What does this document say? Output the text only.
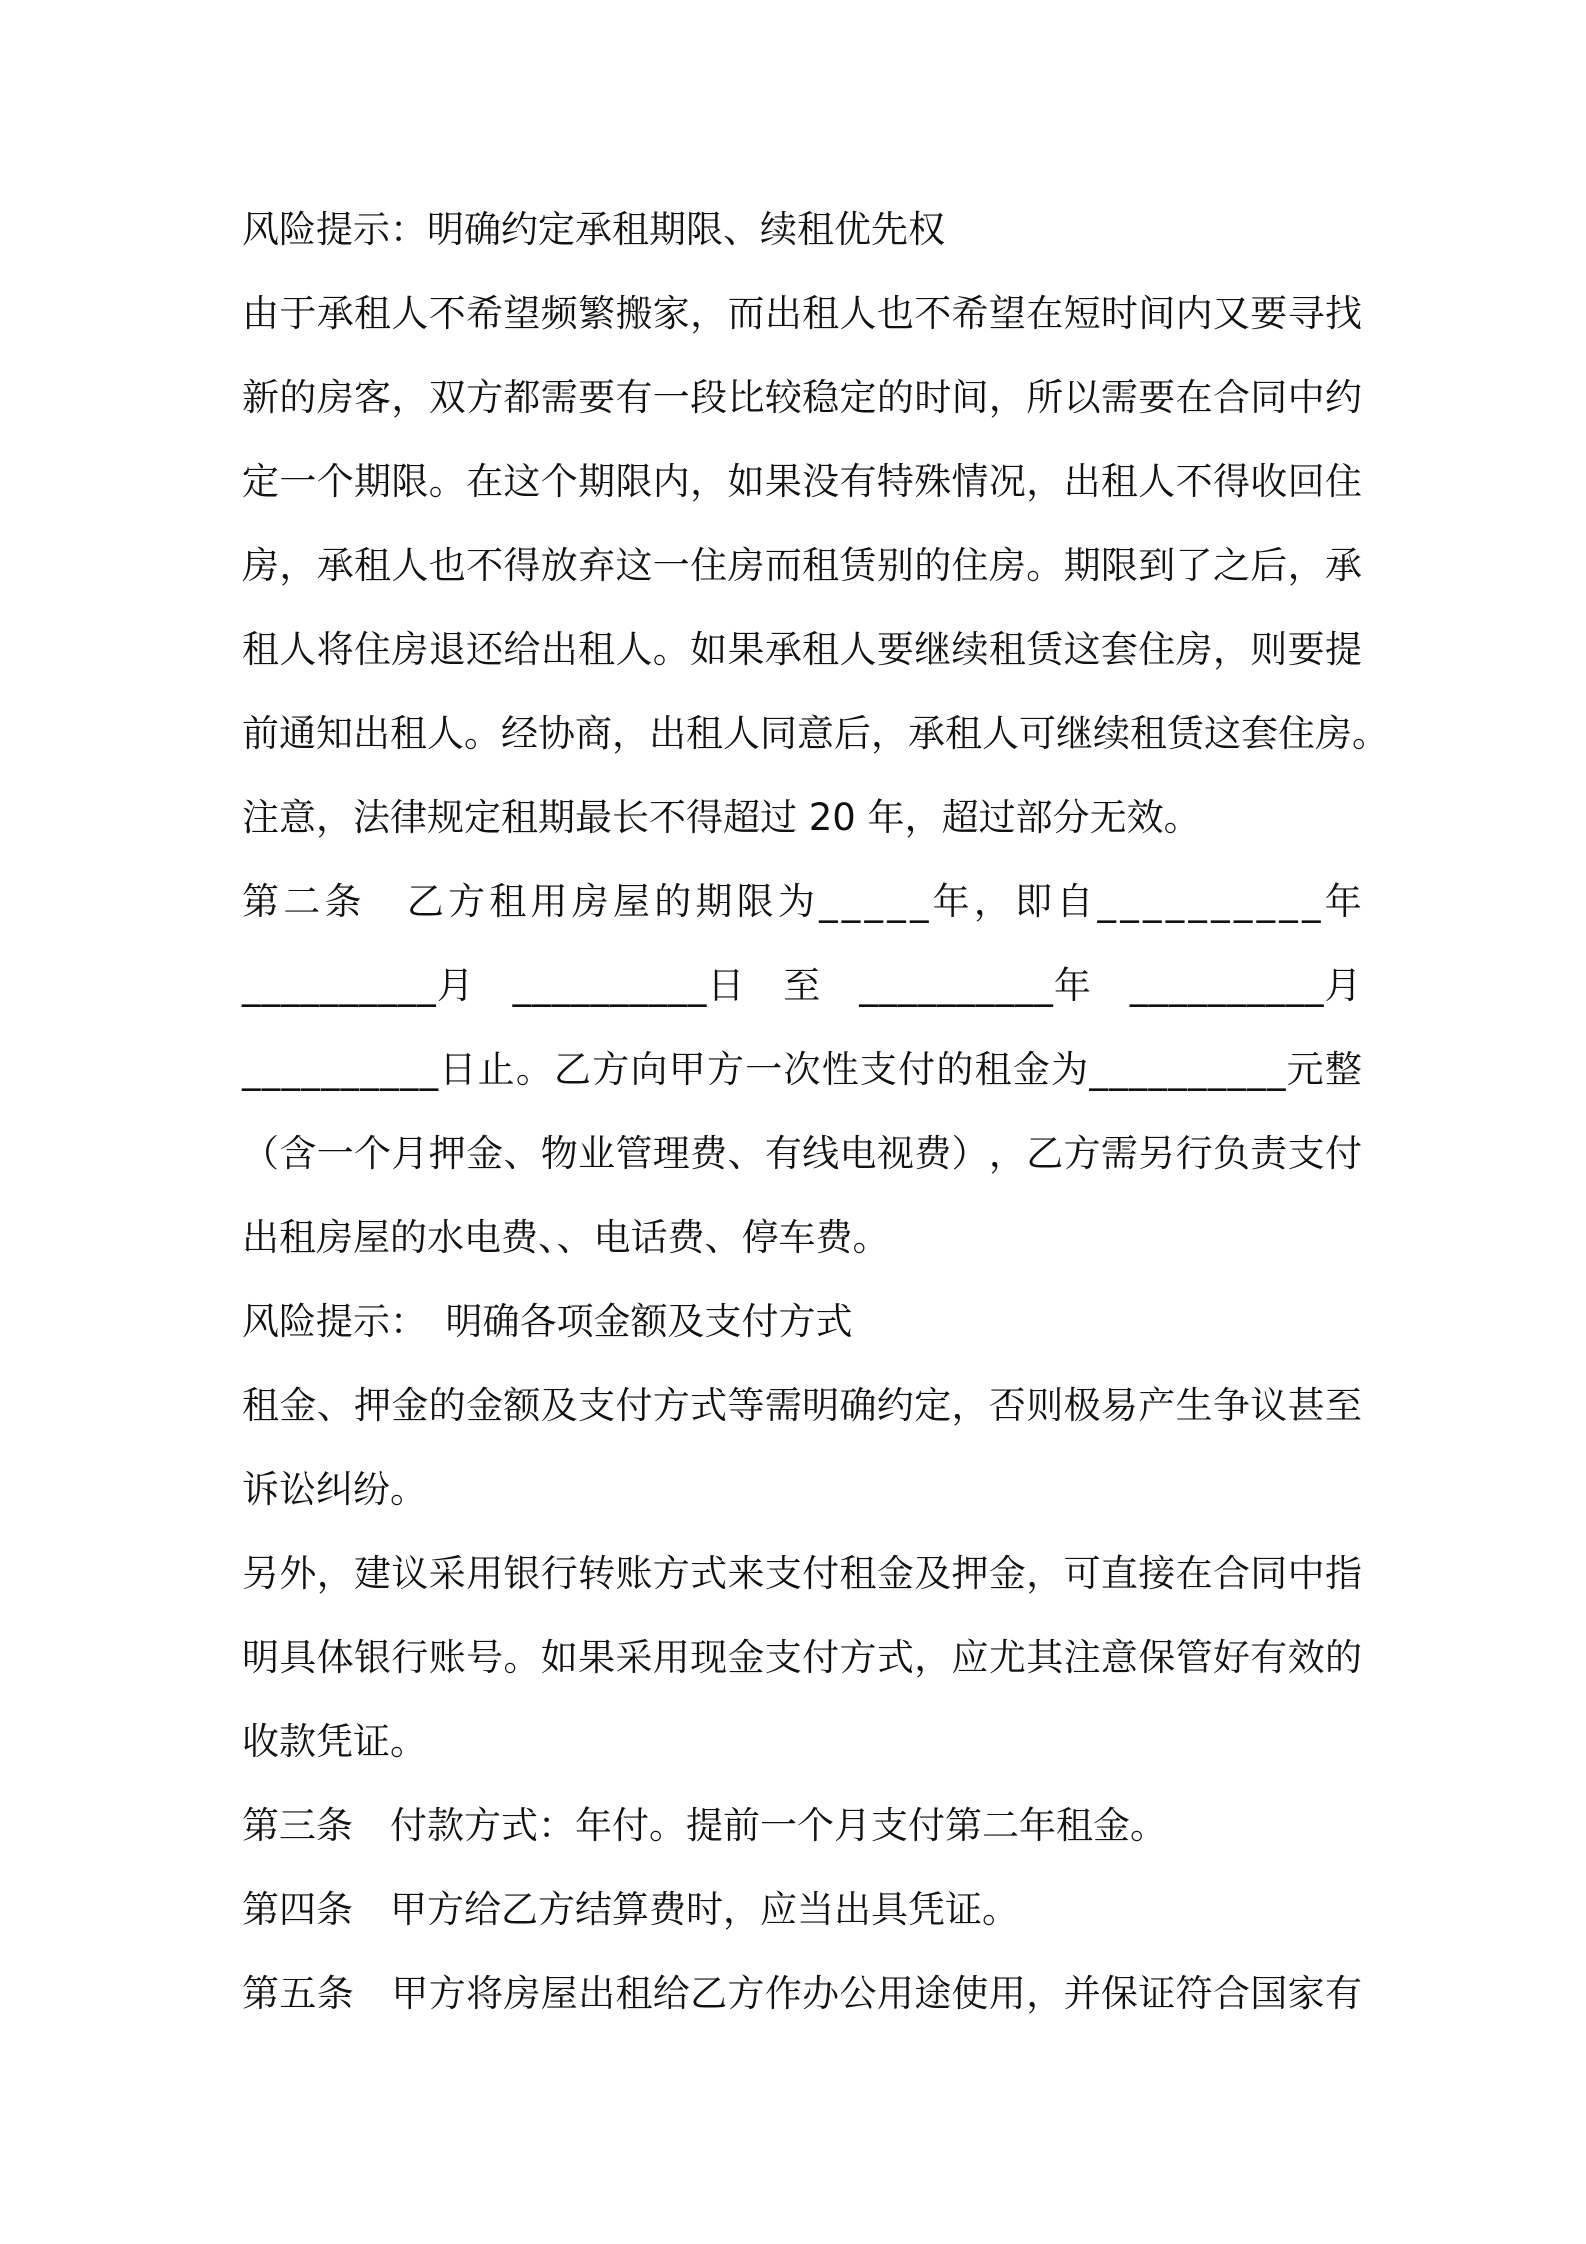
风险提示：明确约定承租期限、续租优先权
由 于 承 租 人 不 希 望 频 繁 搬 家 ， 而 出 租 人 也 不 希 望 在 短 时 间 内 又 要 寻 找
新 的 房 客 ， 双 方 都 需 要 有 一 段 比 较 稳 定 的 时 间 ， 所 以 需 要 在 合 同 中 约
定 一 个 期 限 。 在 这 个 期 限 内 ， 如 果 没 有 特 殊 情 况 ， 出 租 人 不 得 收 回 住
房 ， 承 租 人 也 不 得 放 弃 这 一 住 房 而 租 赁 别 的 住 房 。 期 限 到 了 之 后 ， 承
租 人 将 住 房 退 还 给 出 租 人 。 如 果 承 租 人 要 继 续 租 赁 这 套 住 房 ， 则 要 提
前 通 知 出 租 人 。 经 协 商 ， 出 租 人 同 意 后 ， 承 租 人 可 继 续 租 赁 这 套 住 房 。
注意，法律规定租期最长不得超过 20 年，超过部分无效。
第 二 条
　 乙 方 租 用 房 屋 的 期 限 为 _ _ _ _ _ 年 ， 即 自 _ _ _ _ _ _ _ _ _ _ 年
_ _ _ _ _ _ _ _ _ _ 月
　 _ _ _ _ _ _ _ _ _ _ 日
　 至
　 _ _ _ _ _ _ _ _ _ _ 年
　 _ _ _ _ _ _ _ _ _ _ 月
_ _ _ _ _ _ _ _ _ _ 日 止 。 乙 方 向 甲 方 一 次 性 支 付 的 租 金 为 _ _ _ _ _ _ _ _ _ _ 元 整
（ 含 一 个 月 押 金 、 物 业 管 理 费 、 有 线 电 视 费 ） ， 乙 方 需 另 行 负 责 支 付
出租房屋的水电费、、电话费、停车费。
风险提示：　明确各项金额及支付方式
租 金 、 押 金 的 金 额 及 支 付 方 式 等 需 明 确 约 定 ， 否 则 极 易 产 生 争 议 甚 至
诉讼纠纷。
另 外 ， 建 议 采 用 银 行 转 账 方 式 来 支 付 租 金 及 押 金 ， 可 直 接 在 合 同 中 指
明 具 体 银 行 账 号 。 如 果 采 用 现 金 支 付 方 式 ， 应 尤 其 注 意 保 管 好 有 效 的
收款凭证。
第三条　付款方式：年付。提前一个月支付第二年租金。
第四条　甲方给乙方结算费时，应当出具凭证。
第 五 条
　 甲 方 将 房 屋 出 租 给 乙 方 作 办 公 用 途 使 用 ， 并 保 证 符 合 国 家 有
